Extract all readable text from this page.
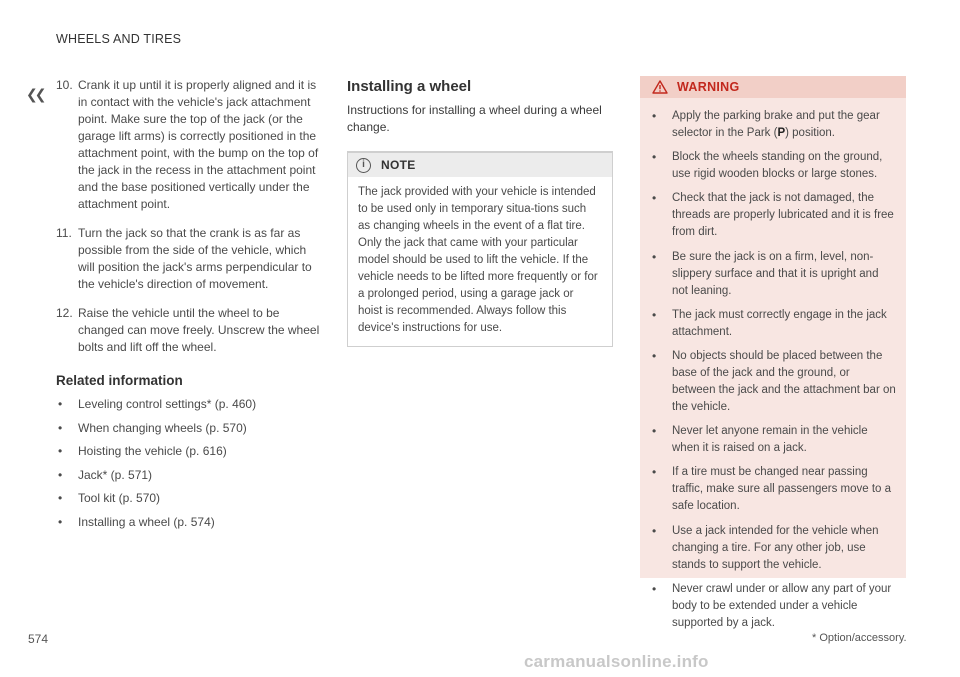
WHEELS AND TIRES
❮❮
10. Crank it up until it is properly aligned and it is in contact with the vehicle's jack attachment point. Make sure the top of the jack (or the garage lift arms) is correctly positioned in the attachment point, with the bump on the top of the jack in the recess in the attachment point and the base positioned vertically under the attachment point.
11. Turn the jack so that the crank is as far as possible from the side of the vehicle, which will position the jack's arms perpendicular to the vehicle's direction of movement.
12. Raise the vehicle until the wheel to be changed can move freely. Unscrew the wheel bolts and lift off the wheel.
Related information
• Leveling control settings* (p. 460)
• When changing wheels (p. 570)
• Hoisting the vehicle (p. 616)
• Jack* (p. 571)
• Tool kit (p. 570)
• Installing a wheel (p. 574)
Installing a wheel

Instructions for installing a wheel during a wheel change.

i	NOTE
The jack provided with your vehicle is intended to be used only in temporary situa-tions such as changing wheels in the event of a flat tire. Only the jack that came with your particular model should be used to lift the vehicle. If the vehicle needs to be lifted more frequently or for a prolonged period, using a garage jack or hoist is recommended. Always follow this device's instructions for use.
WARNING
• Apply the parking brake and put the gear selector in the Park (P) position.
• Block the wheels standing on the ground, use rigid wooden blocks or large stones.
• Check that the jack is not damaged, the threads are properly lubricated and it is free from dirt.
• Be sure the jack is on a firm, level, non-slippery surface and that it is upright and not leaning.
• The jack must correctly engage in the jack attachment.
• No objects should be placed between the base of the jack and the ground, or between the jack and the attachment bar on the vehicle.
• Never let anyone remain in the vehicle when it is raised on a jack.
• If a tire must be changed near passing traffic, make sure all passengers move to a safe location.
• Use a jack intended for the vehicle when changing a tire. For any other job, use stands to support the vehicle.
• Never crawl under or allow any part of your body to be extended under a vehicle supported by a jack.
574	* Option/accessory.
carmanualsonline.info
